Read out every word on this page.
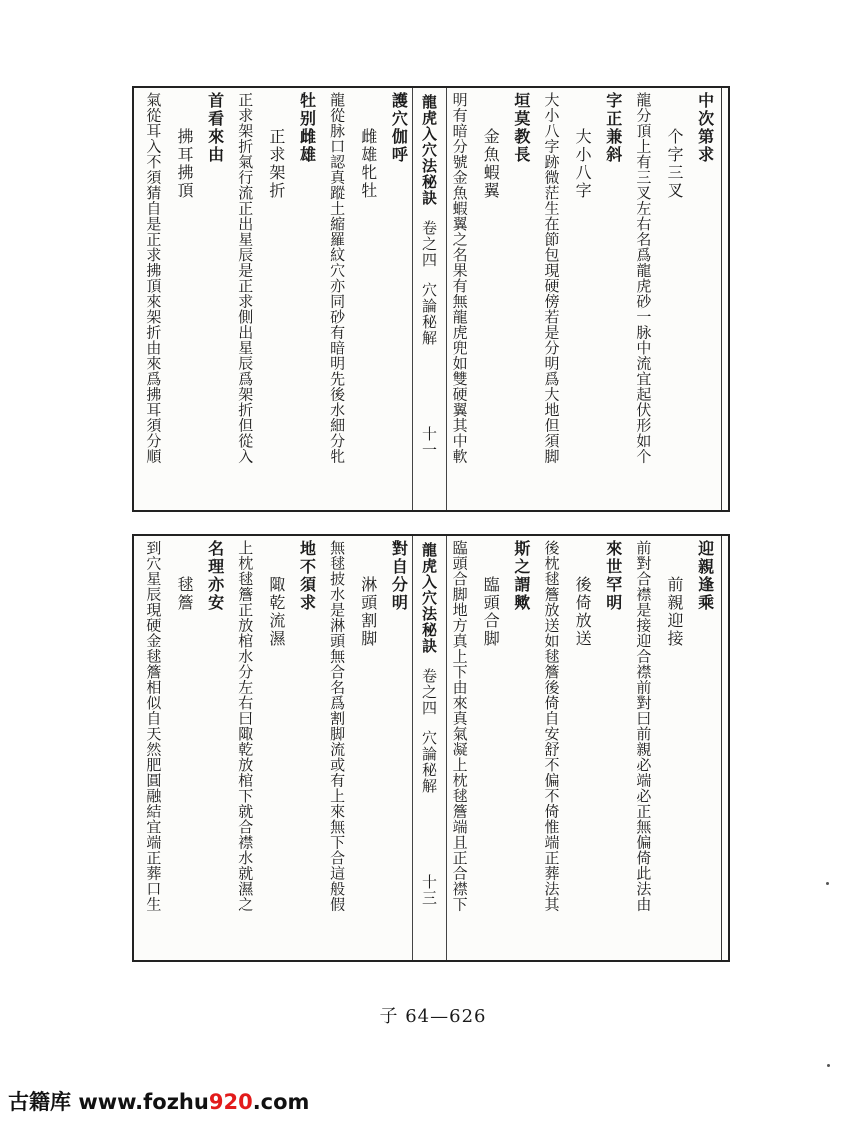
中次第求
个字三叉
龍分頂上有三叉左右名爲龍虎砂一脉中流宜起伏形如个
字正兼斜
大小八字
大小八字跡微茫生在節包現硬傍若是分明爲大地但須脚
垣莫教長
金魚蝦翼
明有暗分號金魚蝦翼之名果有無龍虎兜如雙硬翼其中軟
龍虎入穴法秘訣卷之四穴論秘解十一
護穴伽呼
雌雄牝牡
龍從脉口認真蹤土縮羅紋穴亦同砂有暗明先後水細分牝
牡别雌雄
正求架折
正求架折氣行流正出星辰是正求側出星辰爲架折但從入
首看來由
拂耳拂頂
氣從耳入不須猜自是正求拂頂來架折由來爲拂耳須分順
迎親逢乘
前親迎接
前對合襟是接迎合襟前對曰前親必端必正無偏倚此法由
來世罕明
後倚放送
後枕毬簷放送如毬簷後倚自安舒不偏不倚惟端正葬法其
斯之謂歟
臨頭合脚
臨頭合脚地方真上下由來真氣凝上枕毬簷端且正合襟下
龍虎入穴法秘訣卷之四穴論秘解十三
對自分明
淋頭割脚
無毬披水是淋頭無合名爲割脚流或有上來無下合這般假
地不須求
陬乾流濕
上枕毬簷正放棺水分左右曰陬乾放棺下就合襟水就濕之
名理亦安
毬簷
到穴星辰現硬金毬簷相似自天然肥圓融結宜端正葬口生
子 64—626
古籍库 www.fozhu920.com
